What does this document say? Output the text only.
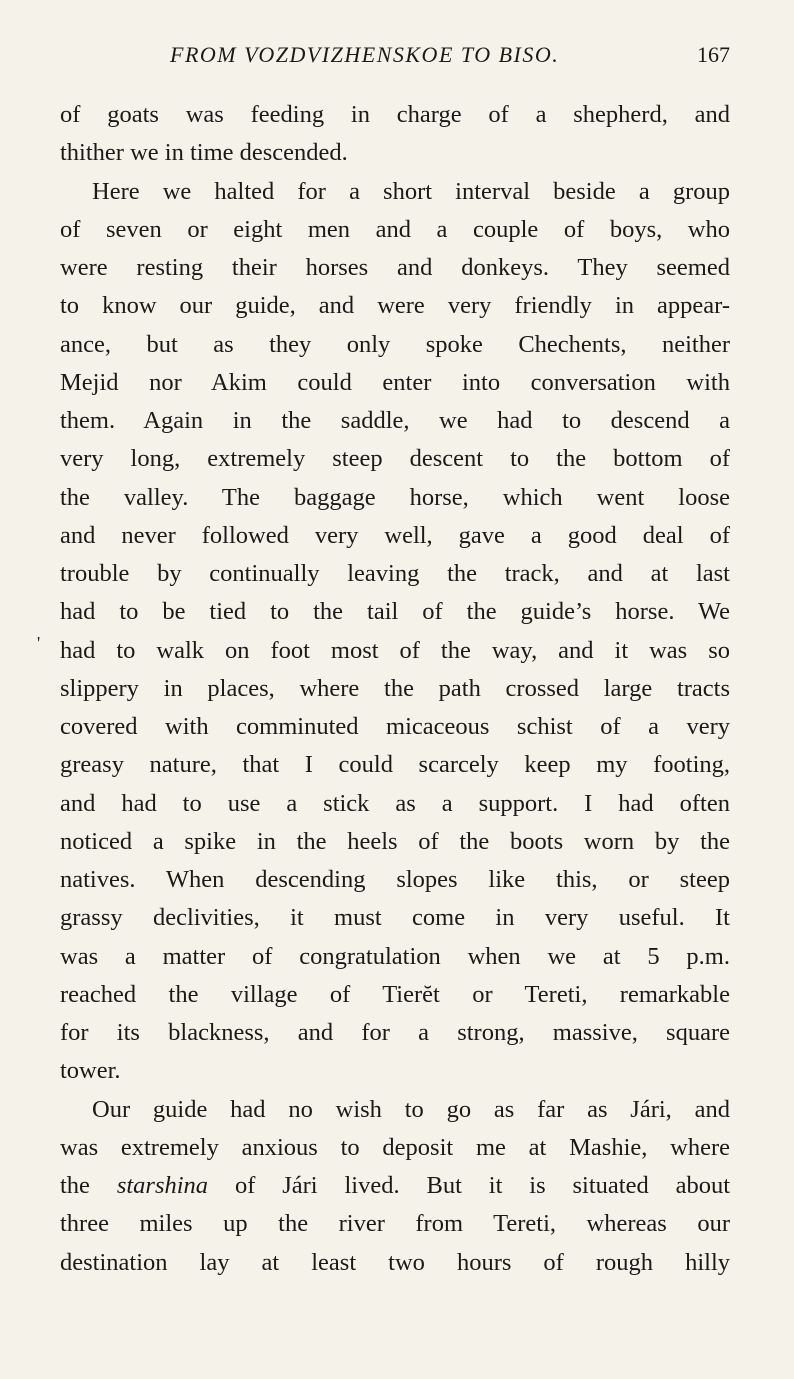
FROM VOZDVIZHENSKOE TO BISO.	167
'
of goats was feeding in charge of a shepherd, and
thither we in time descended.
Here we halted for a short interval beside a group
of seven or eight men and a couple of boys, who
were resting their horses and donkeys. They seemed
to know our guide, and were very friendly in appear-
ance, but as they only spoke Chechents, neither
Mejid nor Akim could enter into conversation with
them. Again in the saddle, we had to descend a
very long, extremely steep descent to the bottom of
the valley. The baggage horse, which went loose
and never followed very well, gave a good deal of
trouble by continually leaving the track, and at last
had to be tied to the tail of the guide’s horse. We
had to walk on foot most of the way, and it was so
slippery in places, where the path crossed large tracts
covered with comminuted micaceous schist of a very
greasy nature, that I could scarcely keep my footing,
and had to use a stick as a support. I had often
noticed a spike in the heels of the boots worn by the
natives. When descending slopes like this, or steep
grassy declivities, it must come in very useful. It
was a matter of congratulation when we at 5 p.m.
reached the village of Tierĕt or Tereti, remarkable
for its blackness, and for a strong, massive, square
tower.
Our guide had no wish to go as far as Jári, and
was extremely anxious to deposit me at Mashie, where
the starshina of Jári lived. But it is situated about
three miles up the river from Tereti, whereas our
destination lay at least two hours of rough hilly
